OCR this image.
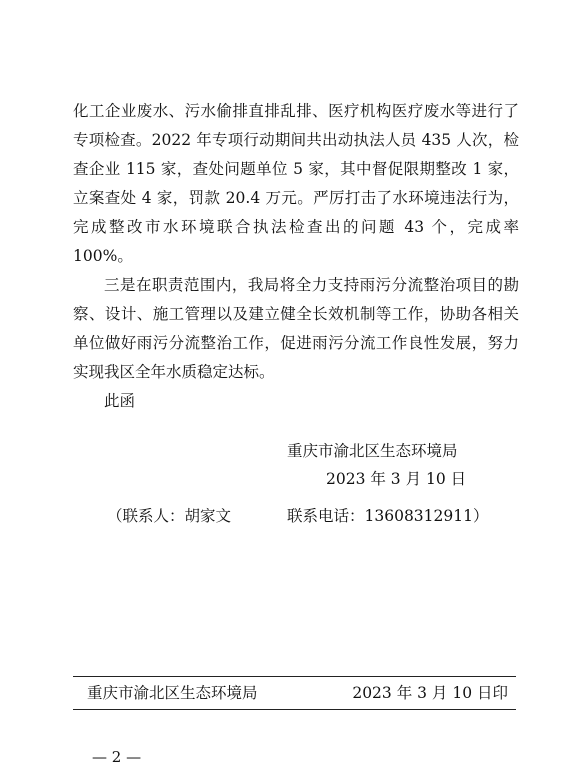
化工企业废水、污水偷排直排乱排、医疗机构医疗废水等进行了专项检查。2022 年专项行动期间共出动执法人员 435 人次，检查企业 115 家，查处问题单位 5 家，其中督促限期整改 1 家，立案查处 4 家，罚款 20.4 万元。严厉打击了水环境违法行为，完成整改市水环境联合执法检查出的问题 43 个，完成率 100%。

三是在职责范围内，我局将全力支持雨污分流整治项目的勘察、设计、施工管理以及建立健全长效机制等工作，协助各相关单位做好雨污分流整治工作，促进雨污分流工作良性发展，努力实现我区全年水质稳定达标。

此函

重庆市渝北区生态环境局
2023 年 3 月 10 日
（联系人：胡家文	联系电话：13608312911）
重庆市渝北区生态环境局	2023 年 3 月 10 日印
— 2 —
